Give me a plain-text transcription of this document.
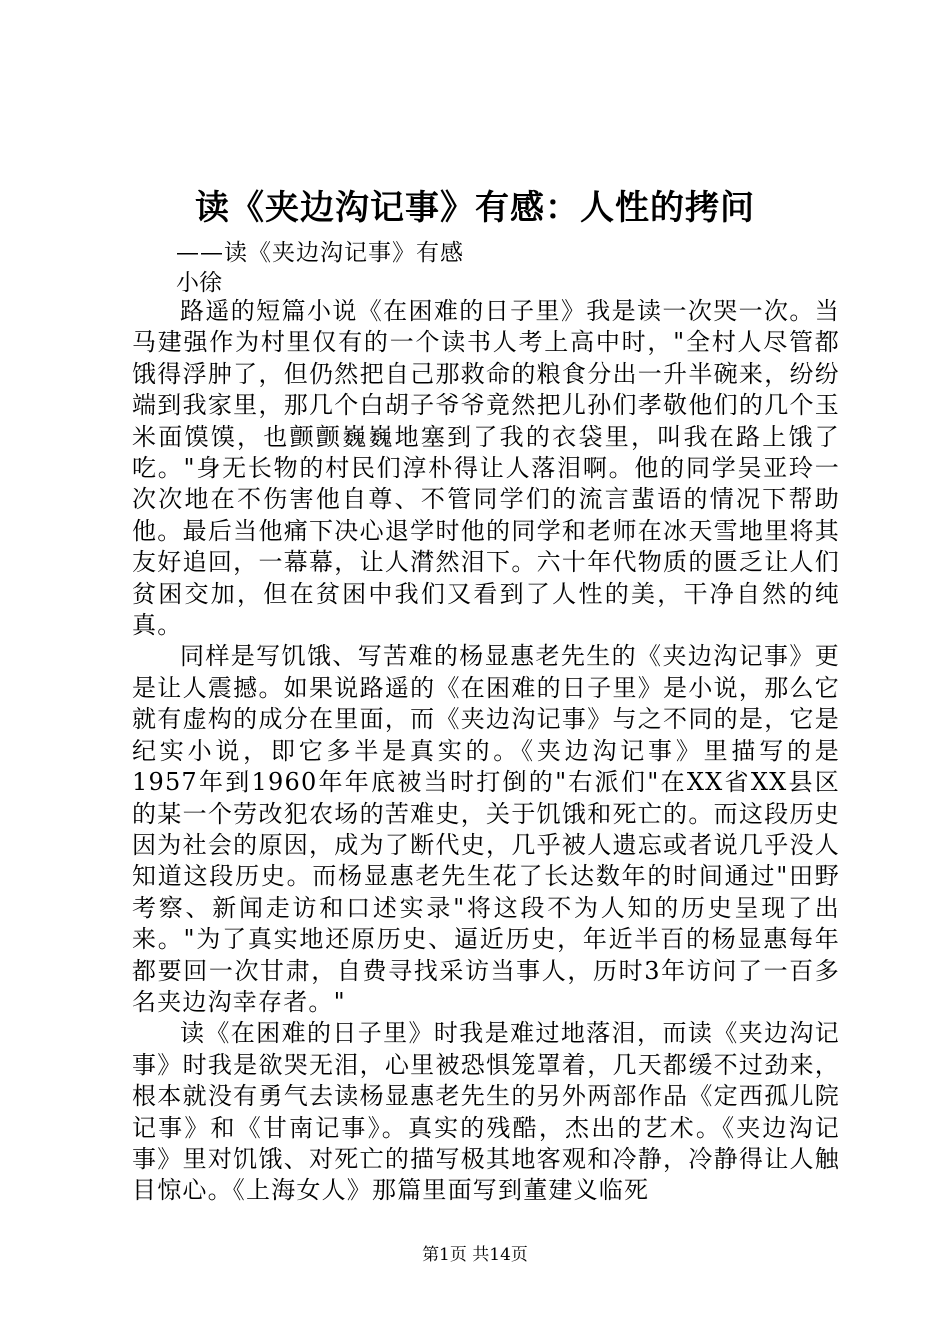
读《夹边沟记事》有感：人性的拷问
——读《夹边沟记事》有感
小徐

路遥的短篇小说《在困难的日子里》我是读一次哭一次。当马建强作为村里仅有的一个读书人考上高中时，"全村人尽管都饿得浮肿了，但仍然把自己那救命的粮食分出一升半碗来，纷纷端到我家里，那几个白胡子爷爷竟然把儿孙们孝敬他们的几个玉米面馍馍，也颤颤巍巍地塞到了我的衣袋里，叫我在路上饿了吃。"身无长物的村民们淳朴得让人落泪啊。他的同学吴亚玲一次次地在不伤害他自尊、不管同学们的流言蜚语的情况下帮助他。最后当他痛下决心退学时他的同学和老师在冰天雪地里将其友好追回，一幕幕，让人潸然泪下。六十年代物质的匮乏让人们贫困交加，但在贫困中我们又看到了人性的美，干净自然的纯真。

同样是写饥饿、写苦难的杨显惠老先生的《夹边沟记事》更是让人震撼。如果说路遥的《在困难的日子里》是小说，那么它就有虚构的成分在里面，而《夹边沟记事》与之不同的是，它是纪实小说，即它多半是真实的。《夹边沟记事》里描写的是1957年到1960年年底被当时打倒的"右派们"在XX省XX县区的某一个劳改犯农场的苦难史，关于饥饿和死亡的。而这段历史因为社会的原因，成为了断代史，几乎被人遗忘或者说几乎没人知道这段历史。而杨显惠老先生花了长达数年的时间通过"田野考察、新闻走访和口述实录"将这段不为人知的历史呈现了出来。"为了真实地还原历史、逼近历史，年近半百的杨显惠每年都要回一次甘肃，自费寻找采访当事人，历时3年访问了一百多名夹边沟幸存者。"

读《在困难的日子里》时我是难过地落泪，而读《夹边沟记事》时我是欲哭无泪，心里被恐惧笼罩着，几天都缓不过劲来，根本就没有勇气去读杨显惠老先生的另外两部作品《定西孤儿院记事》和《甘南记事》。真实的残酷，杰出的艺术。《夹边沟记事》里对饥饿、对死亡的描写极其地客观和冷静，冷静得让人触目惊心。《上海女人》那篇里面写到董建义临死

第1页 共14页
